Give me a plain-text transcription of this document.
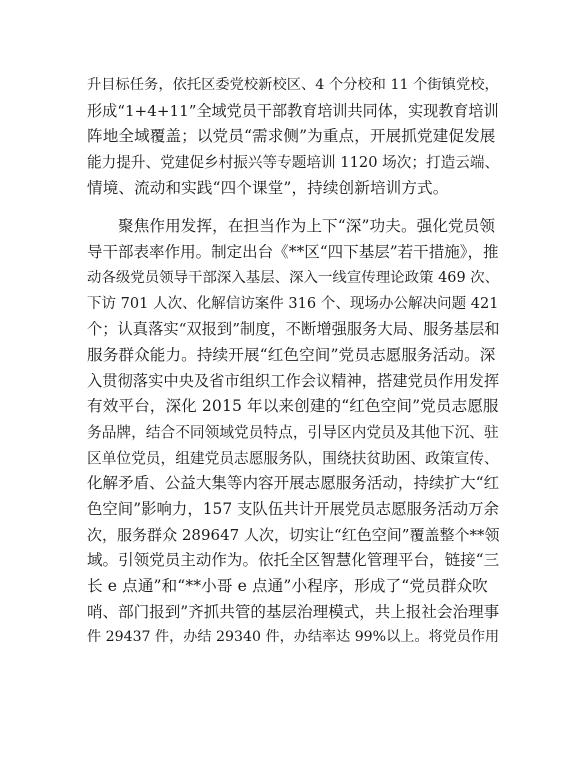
升目标任务，依托区委党校新校区、4 个分校和 11 个街镇党校，
形成“1+4+11”全域党员干部教育培训共同体，实现教育培训
阵地全域覆盖；以党员“需求侧”为重点，开展抓党建促发展
能力提升、党建促乡村振兴等专题培训 1120 场次；打造云端、
情境、流动和实践“四个课堂”，持续创新培训方式。
聚焦作用发挥，在担当作为上下“深”功夫。强化党员领
导干部表率作用。制定出台《**区“四下基层”若干措施》，推
动各级党员领导干部深入基层、深入一线宣传理论政策 469 次、
下访 701 人次、化解信访案件 316 个、现场办公解决问题 421
个；认真落实“双报到”制度，不断增强服务大局、服务基层和
服务群众能力。持续开展“红色空间”党员志愿服务活动。深
入贯彻落实中央及省市组织工作会议精神，搭建党员作用发挥
有效平台，深化 2015 年以来创建的“红色空间”党员志愿服
务品牌，结合不同领域党员特点，引导区内党员及其他下沉、驻
区单位党员，组建党员志愿服务队，围绕扶贫助困、政策宣传、
化解矛盾、公益大集等内容开展志愿服务活动，持续扩大“红
色空间”影响力，157 支队伍共计开展党员志愿服务活动万余
次，服务群众 289647 人次，切实让“红色空间”覆盖整个**领
域。引领党员主动作为。依托全区智慧化管理平台，链接“三
长 e 点通”和“**小哥 e 点通”小程序，形成了“党员群众吹
哨、部门报到”齐抓共管的基层治理模式，共上报社会治理事
件 29437 件，办结 29340 件，办结率达 99%以上。将党员作用
